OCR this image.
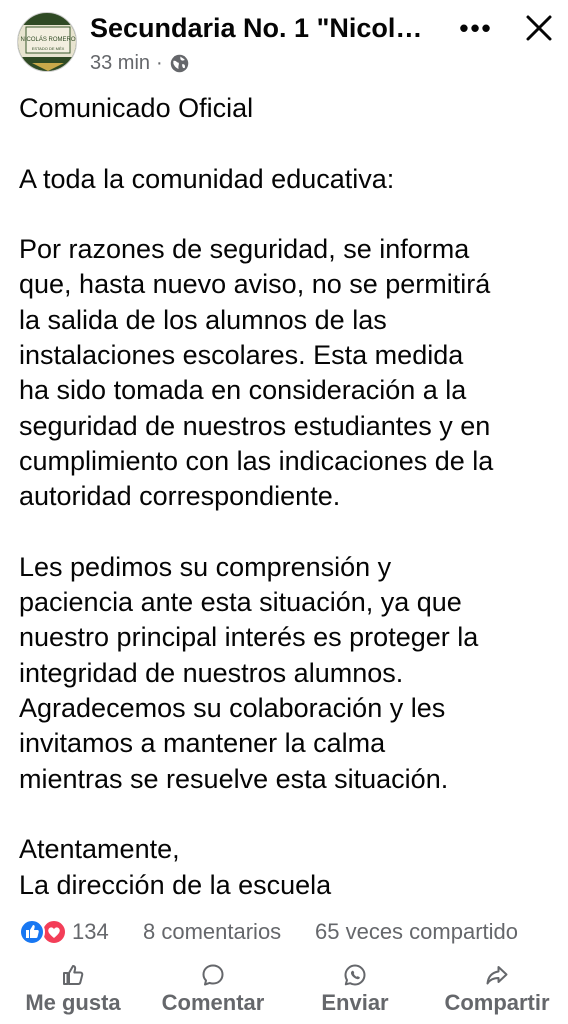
NICOLÁS ROMERO
ESTADO DE MÉX
Secundaria No. 1 "Nicol…
33 min ·
•••

Comunicado Oficial

A toda la comunidad educativa:

Por razones de seguridad, se informa
que, hasta nuevo aviso, no se permitirá
la salida de los alumnos de las
instalaciones escolares. Esta medida
ha sido tomada en consideración a la
seguridad de nuestros estudiantes y en
cumplimiento con las indicaciones de la
autoridad correspondiente.

Les pedimos su comprensión y
paciencia ante esta situación, ya que
nuestro principal interés es proteger la
integridad de nuestros alumnos.
Agradecemos su colaboración y les
invitamos a mantener la calma
mientras se resuelve esta situación.

Atentamente,
La dirección de la escuela

134 8 comentarios 65 veces compartido
Me gusta Comentar	Enviar	Compartir
